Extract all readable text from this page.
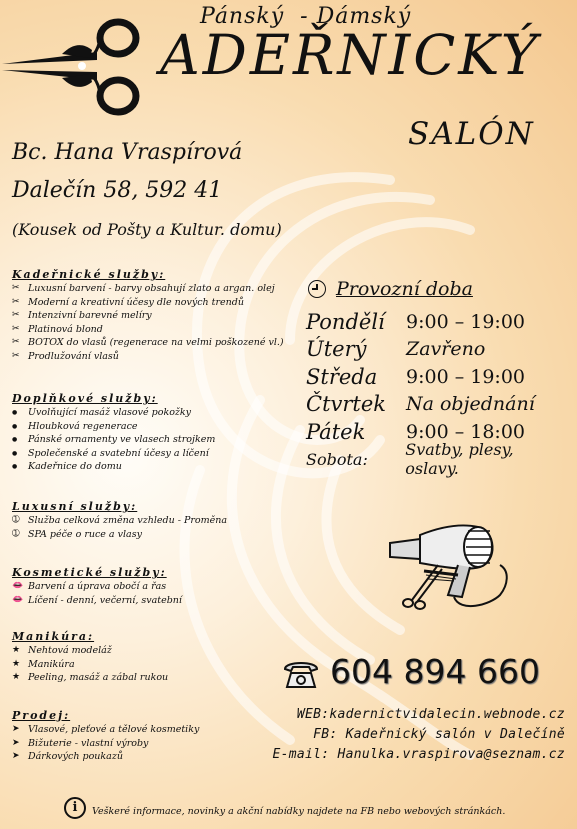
Pánský  - Dámský
ADEŘNICKÝ
SALÓN
Bc. Hana Vraspírová
Dalečín 58, 592 41
(Kousek od Pošty a Kultur. domu)
Kadeřnické služby:
✂ Luxusní barvení - barvy obsahují zlato a argan. olej
✂ Moderní a kreativní účesy dle nových trendů
✂ Intenzivní barevné melíry
✂ Platinová blond
✂ BOTOX do vlasů (regenerace na velmi poškozené vl.)
✂ Prodlužování vlasů
Doplňkové služby:
●
Uvolňující masáž vlasové pokožky
●
Hloubková regenerace
●
Pánské ornamenty ve vlasech strojkem
●
Společenské a svatební účesy a líčení
●
Kadeřnice do domu
Luxusní služby:
➀ Služba celková změna vzhledu - Proměna
➀ SPA péče o ruce a vlasy
Kosmetické služby:
👄 Barvení a úprava obočí a řas
👄 Líčení - denní, večerní, svatební
Manikúra:
★ Nehtová modeláž
★ Manikúra
★ Peeling, masáž a zábal rukou
Prodej:
➤ Vlasové, pleťové a tělové kosmetiky
➤ Bižuterie - vlastní výroby
➤ Dárkových poukazů
Provozní doba
Pondělí	9:00 – 19:00
Úterý	Zavřeno
Středa	9:00 – 19:00
Čtvrtek	Na objednání
Pátek	9:00 – 18:00
Sobota:	Svatby, plesy, oslavy.
604 894 660
WEB:kadernictvidalecin.webnode.cz
FB: Kadeřnický salón v Dalečíně
E-mail: Hanulka.vraspirova@seznam.cz
i	Veškeré informace, novinky a akční nabídky najdete na FB nebo webových stránkách.
